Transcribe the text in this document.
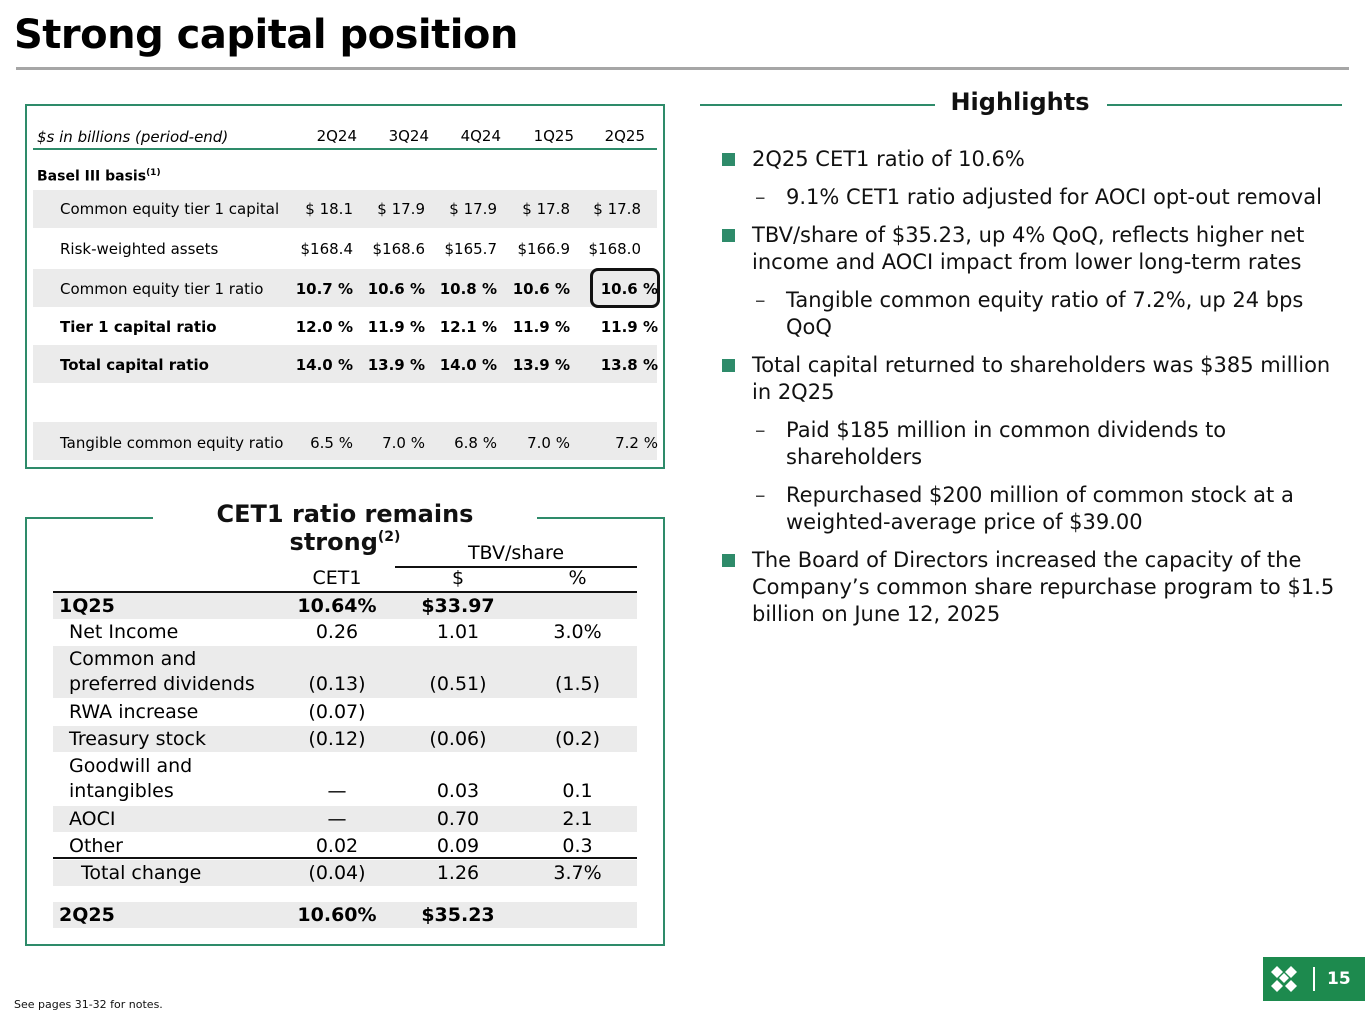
Strong capital position
$s in billions (period-end)	2Q24	3Q24	4Q24	1Q25	2Q25
Basel III basis$^{(1)}$
Common equity tier 1 capital	$ 18.1	$ 17.9	$ 17.9	$ 17.8	$ 17.8
Risk-weighted assets	$168.4	$168.6	$165.7	$166.9	$168.0
Common equity tier 1 ratio 10.7 % 10.6 % 10.8 % 10.6 % 10.6 %
Tier 1 capital ratio	12.0 % 11.9 % 12.1 % 11.9 % 11.9 %
Total capital ratio	14.0 % 13.9 % 14.0 % 13.9 % 13.8 %
Tangible common equity ratio	6.5 %	7.0 %	6.8 %	7.0 %	7.2 %
CET1 ratio remains strong$^{(2)}$
TBV/share
CET1	$	%
1Q25	10.64%	$33.97
Net Income	0.26	1.01	3.0%
Common and
preferred dividends	(0.13)	(0.51)	(1.5)
RWA increase	(0.07)
Treasury stock	(0.12)	(0.06)	(0.2)
Goodwill and
intangibles	—	0.03	0.1
AOCI	—	0.70	2.1
Other	0.02	0.09	0.3
Total change	(0.04)	1.26	3.7%
2Q25	10.60%	$35.23
Highlights
2Q25 CET1 ratio of 10.6%
– 9.1% CET1 ratio adjusted for AOCI opt-out removal
TBV/share of $35.23, up 4% QoQ, reflects higher net income and AOCI impact from lower long-term rates
– Tangible common equity ratio of 7.2%, up 24 bps QoQ
Total capital returned to shareholders was $385 million in 2Q25
– Paid $185 million in common dividends to shareholders
– Repurchased $200 million of common stock at a weighted-average price of $39.00
The Board of Directors increased the capacity of the Company’s common share repurchase program to $1.5 billion on June 12, 2025
See pages 31-32 for notes.
15
